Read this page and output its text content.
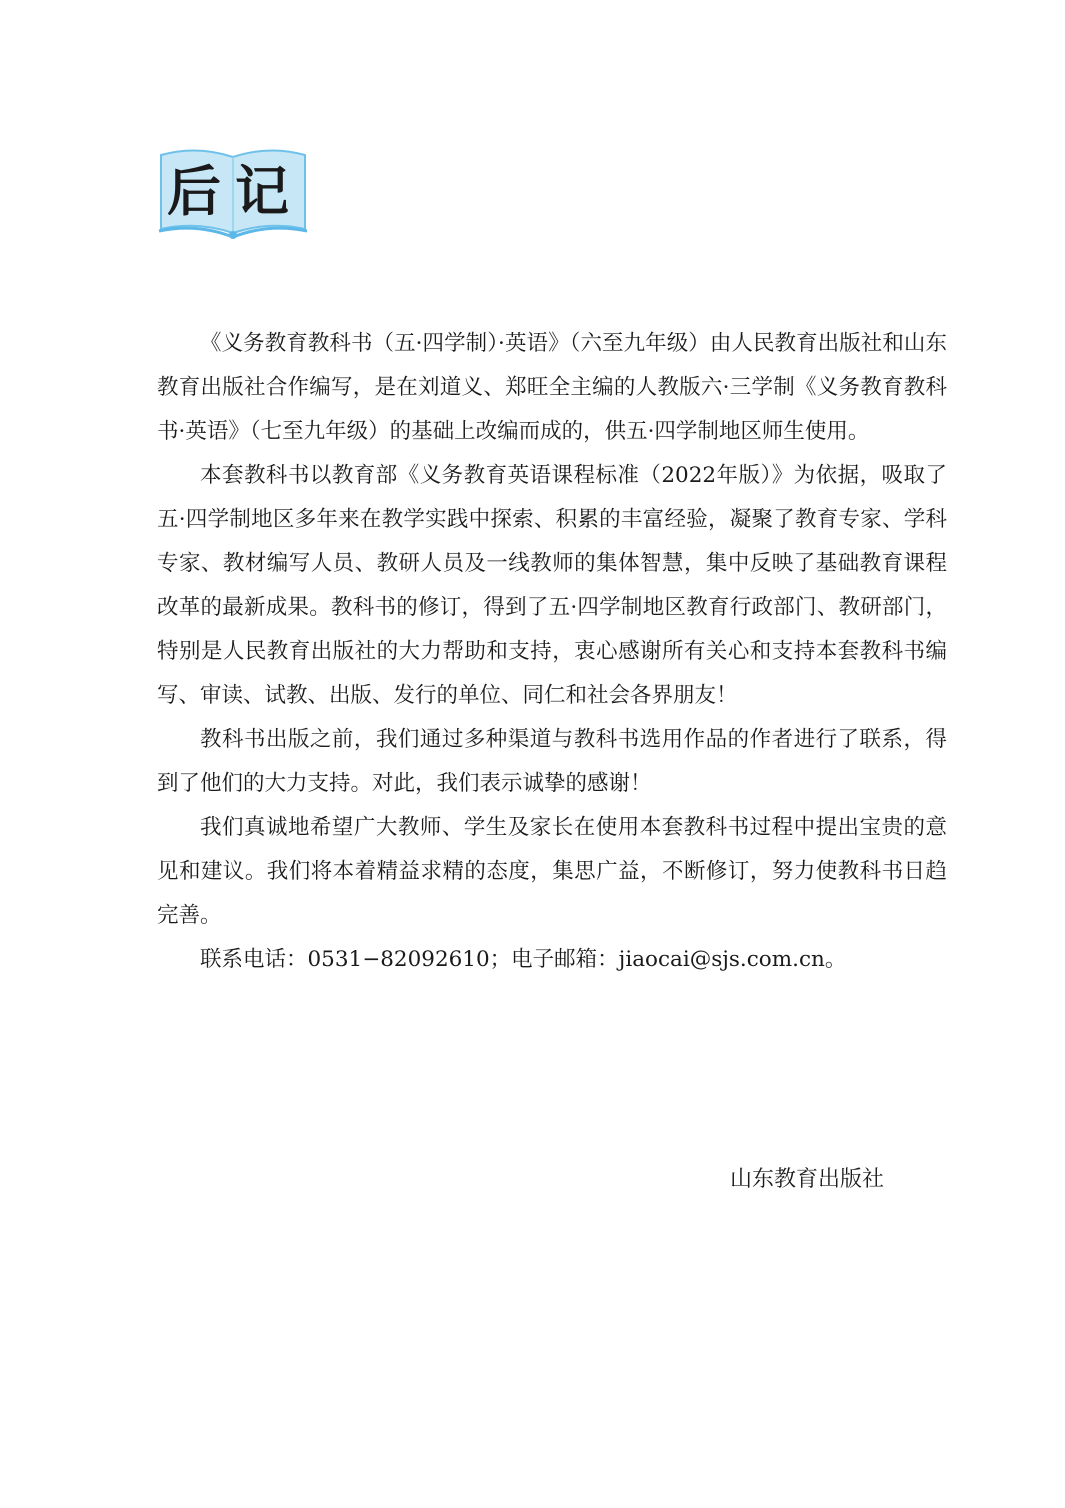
后记

《义务教育教科书（五·四学制）·英语》（六至九年级）由人民教育出版社和山东教育出版社合作编写，是在刘道义、郑旺全主编的人教版六·三学制《义务教育教科书·英语》（七至九年级）的基础上改编而成的，供五·四学制地区师生使用。

本套教科书以教育部《义务教育英语课程标准（2022年版）》为依据，吸取了五·四学制地区多年来在教学实践中探索、积累的丰富经验，凝聚了教育专家、学科专家、教材编写人员、教研人员及一线教师的集体智慧，集中反映了基础教育课程改革的最新成果。教科书的修订，得到了五·四学制地区教育行政部门、教研部门，特别是人民教育出版社的大力帮助和支持，衷心感谢所有关心和支持本套教科书编写、审读、试教、出版、发行的单位、同仁和社会各界朋友！

教科书出版之前，我们通过多种渠道与教科书选用作品的作者进行了联系，得到了他们的大力支持。对此，我们表示诚挚的感谢！

我们真诚地希望广大教师、学生及家长在使用本套教科书过程中提出宝贵的意见和建议。我们将本着精益求精的态度，集思广益，不断修订，努力使教科书日趋完善。

联系电话：0531−82092610；电子邮箱：jiaocai@sjs.com.cn。

山东教育出版社
